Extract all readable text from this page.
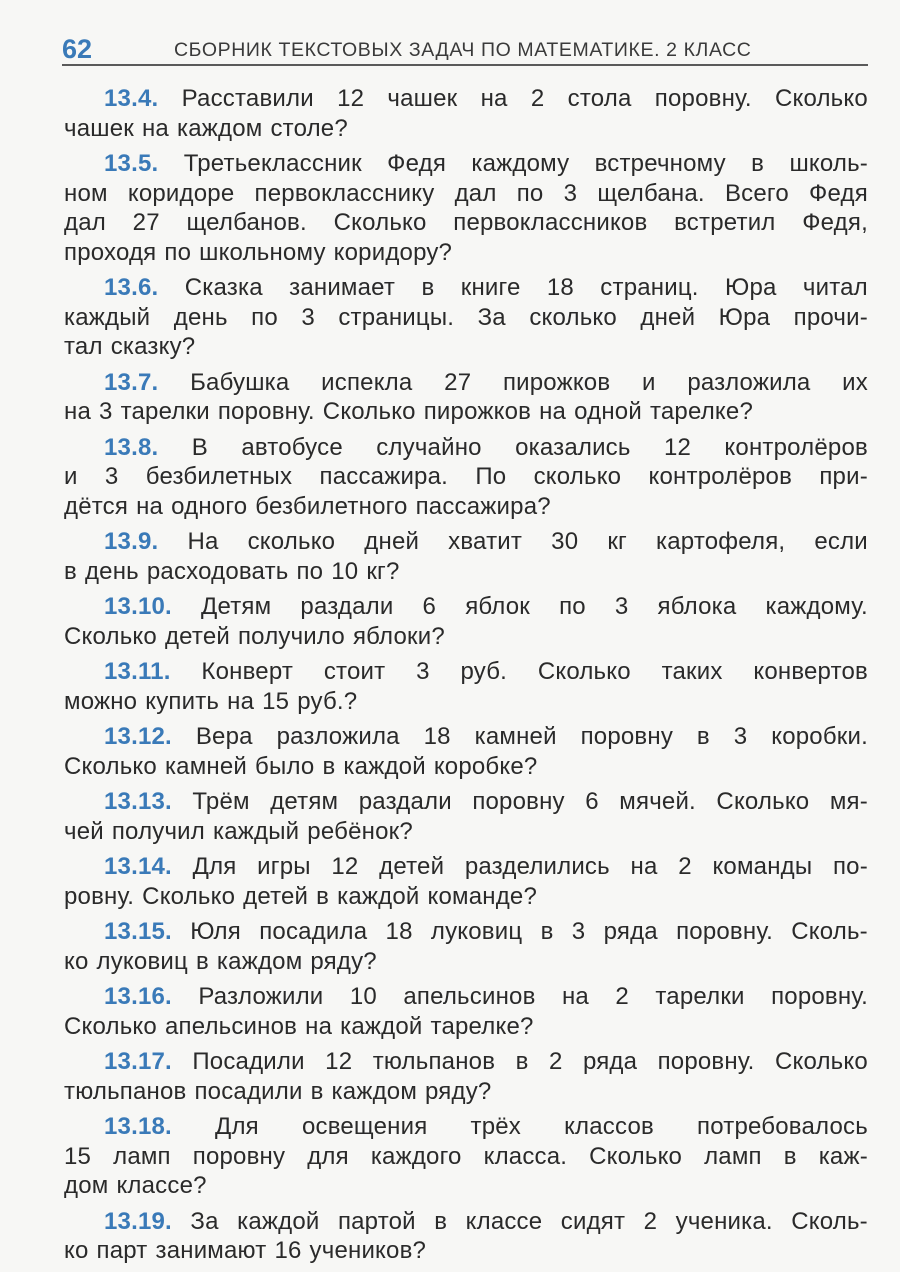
62	СБОРНИК ТЕКСТОВЫХ ЗАДАЧ ПО МАТЕМАТИКЕ. 2 КЛАСС
13.4. Расставили 12 чашек на 2 стола поровну. Сколько
чашек на каждом столе?
13.5. Третьеклассник Федя каждому встречному в школь-
ном коридоре первокласснику дал по 3 щелбана. Всего Федя
дал 27 щелбанов. Сколько первоклассников встретил Федя,
проходя по школьному коридору?
13.6. Сказка занимает в книге 18 страниц. Юра читал
каждый день по 3 страницы. За сколько дней Юра прочи-
тал сказку?
13.7. Бабушка испекла 27 пирожков и разложила их
на 3 тарелки поровну. Сколько пирожков на одной тарелке?
13.8. В автобусе случайно оказались 12 контролёров
и 3 безбилетных пассажира. По сколько контролёров при-
дётся на одного безбилетного пассажира?
13.9. На сколько дней хватит 30 кг картофеля, если
в день расходовать по 10 кг?
13.10. Детям раздали 6 яблок по 3 яблока каждому.
Сколько детей получило яблоки?
13.11. Конверт стоит 3 руб. Сколько таких конвертов
можно купить на 15 руб.?
13.12. Вера разложила 18 камней поровну в 3 коробки.
Сколько камней было в каждой коробке?
13.13. Трём детям раздали поровну 6 мячей. Сколько мя-
чей получил каждый ребёнок?
13.14. Для игры 12 детей разделились на 2 команды по-
ровну. Сколько детей в каждой команде?
13.15. Юля посадила 18 луковиц в 3 ряда поровну. Сколь-
ко луковиц в каждом ряду?
13.16. Разложили 10 апельсинов на 2 тарелки поровну.
Сколько апельсинов на каждой тарелке?
13.17. Посадили 12 тюльпанов в 2 ряда поровну. Сколько
тюльпанов посадили в каждом ряду?
13.18. Для освещения трёх классов потребовалось
15 ламп поровну для каждого класса. Сколько ламп в каж-
дом классе?
13.19. За каждой партой в классе сидят 2 ученика. Сколь-
ко парт занимают 16 учеников?
